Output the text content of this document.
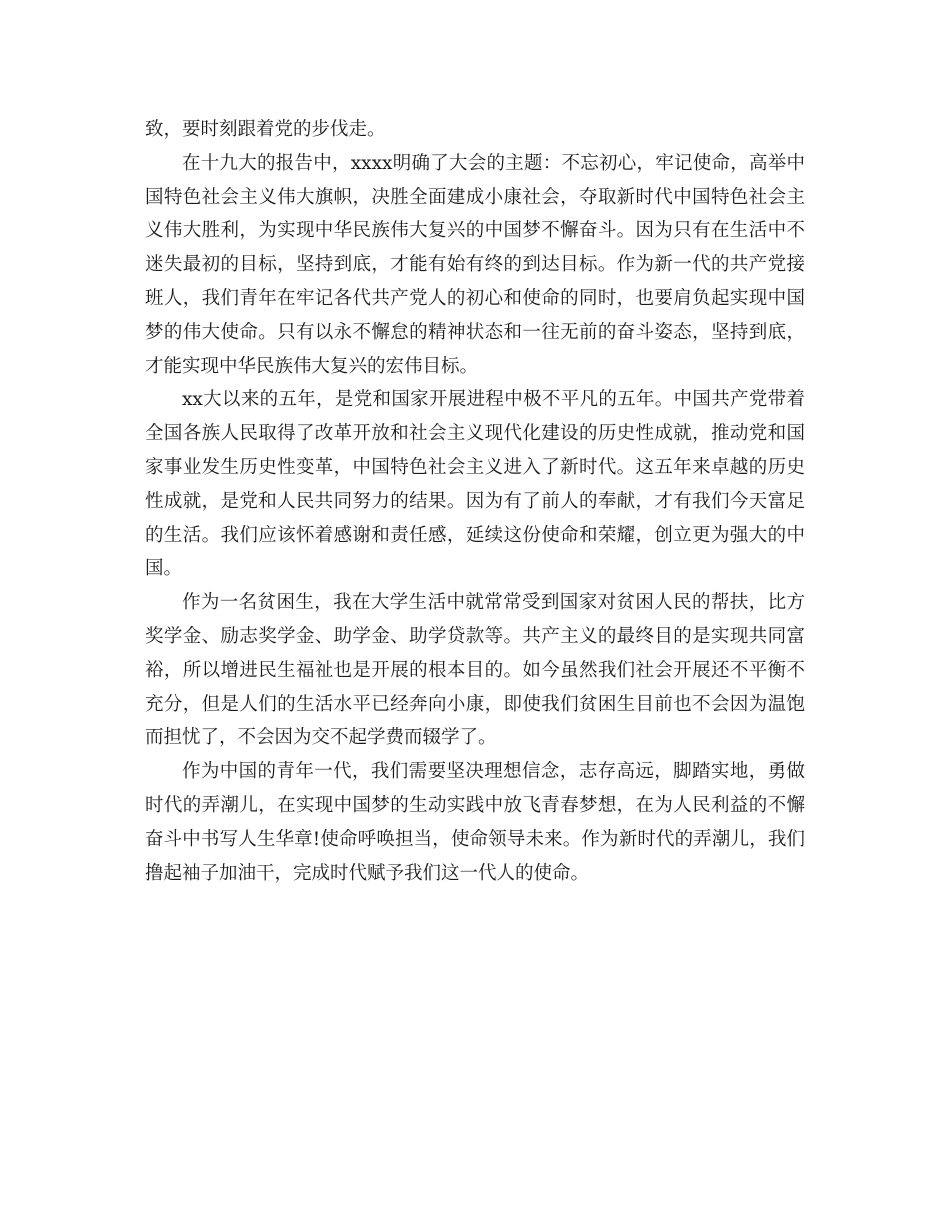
致，要时刻跟着党的步伐走。

在十九大的报告中，xxxx明确了大会的主题：不忘初心，牢记使命，高举中国特色社会主义伟大旗帜，决胜全面建成小康社会，夺取新时代中国特色社会主义伟大胜利，为实现中华民族伟大复兴的中国梦不懈奋斗。因为只有在生活中不迷失最初的目标，坚持到底，才能有始有终的到达目标。作为新一代的共产党接班人，我们青年在牢记各代共产党人的初心和使命的同时，也要肩负起实现中国梦的伟大使命。只有以永不懈怠的精神状态和一往无前的奋斗姿态，坚持到底，才能实现中华民族伟大复兴的宏伟目标。

xx大以来的五年，是党和国家开展进程中极不平凡的五年。中国共产党带着全国各族人民取得了改革开放和社会主义现代化建设的历史性成就，推动党和国家事业发生历史性变革，中国特色社会主义进入了新时代。这五年来卓越的历史性成就，是党和人民共同努力的结果。因为有了前人的奉献，才有我们今天富足的生活。我们应该怀着感谢和责任感，延续这份使命和荣耀，创立更为强大的中国。

作为一名贫困生，我在大学生活中就常常受到国家对贫困人民的帮扶，比方奖学金、励志奖学金、助学金、助学贷款等。共产主义的最终目的是实现共同富裕，所以增进民生福祉也是开展的根本目的。如今虽然我们社会开展还不平衡不充分，但是人们的生活水平已经奔向小康，即使我们贫困生目前也不会因为温饱而担忧了，不会因为交不起学费而辍学了。

作为中国的青年一代，我们需要坚决理想信念，志存高远，脚踏实地，勇做时代的弄潮儿，在实现中国梦的生动实践中放飞青春梦想，在为人民利益的不懈奋斗中书写人生华章!使命呼唤担当，使命领导未来。作为新时代的弄潮儿，我们撸起袖子加油干，完成时代赋予我们这一代人的使命。
